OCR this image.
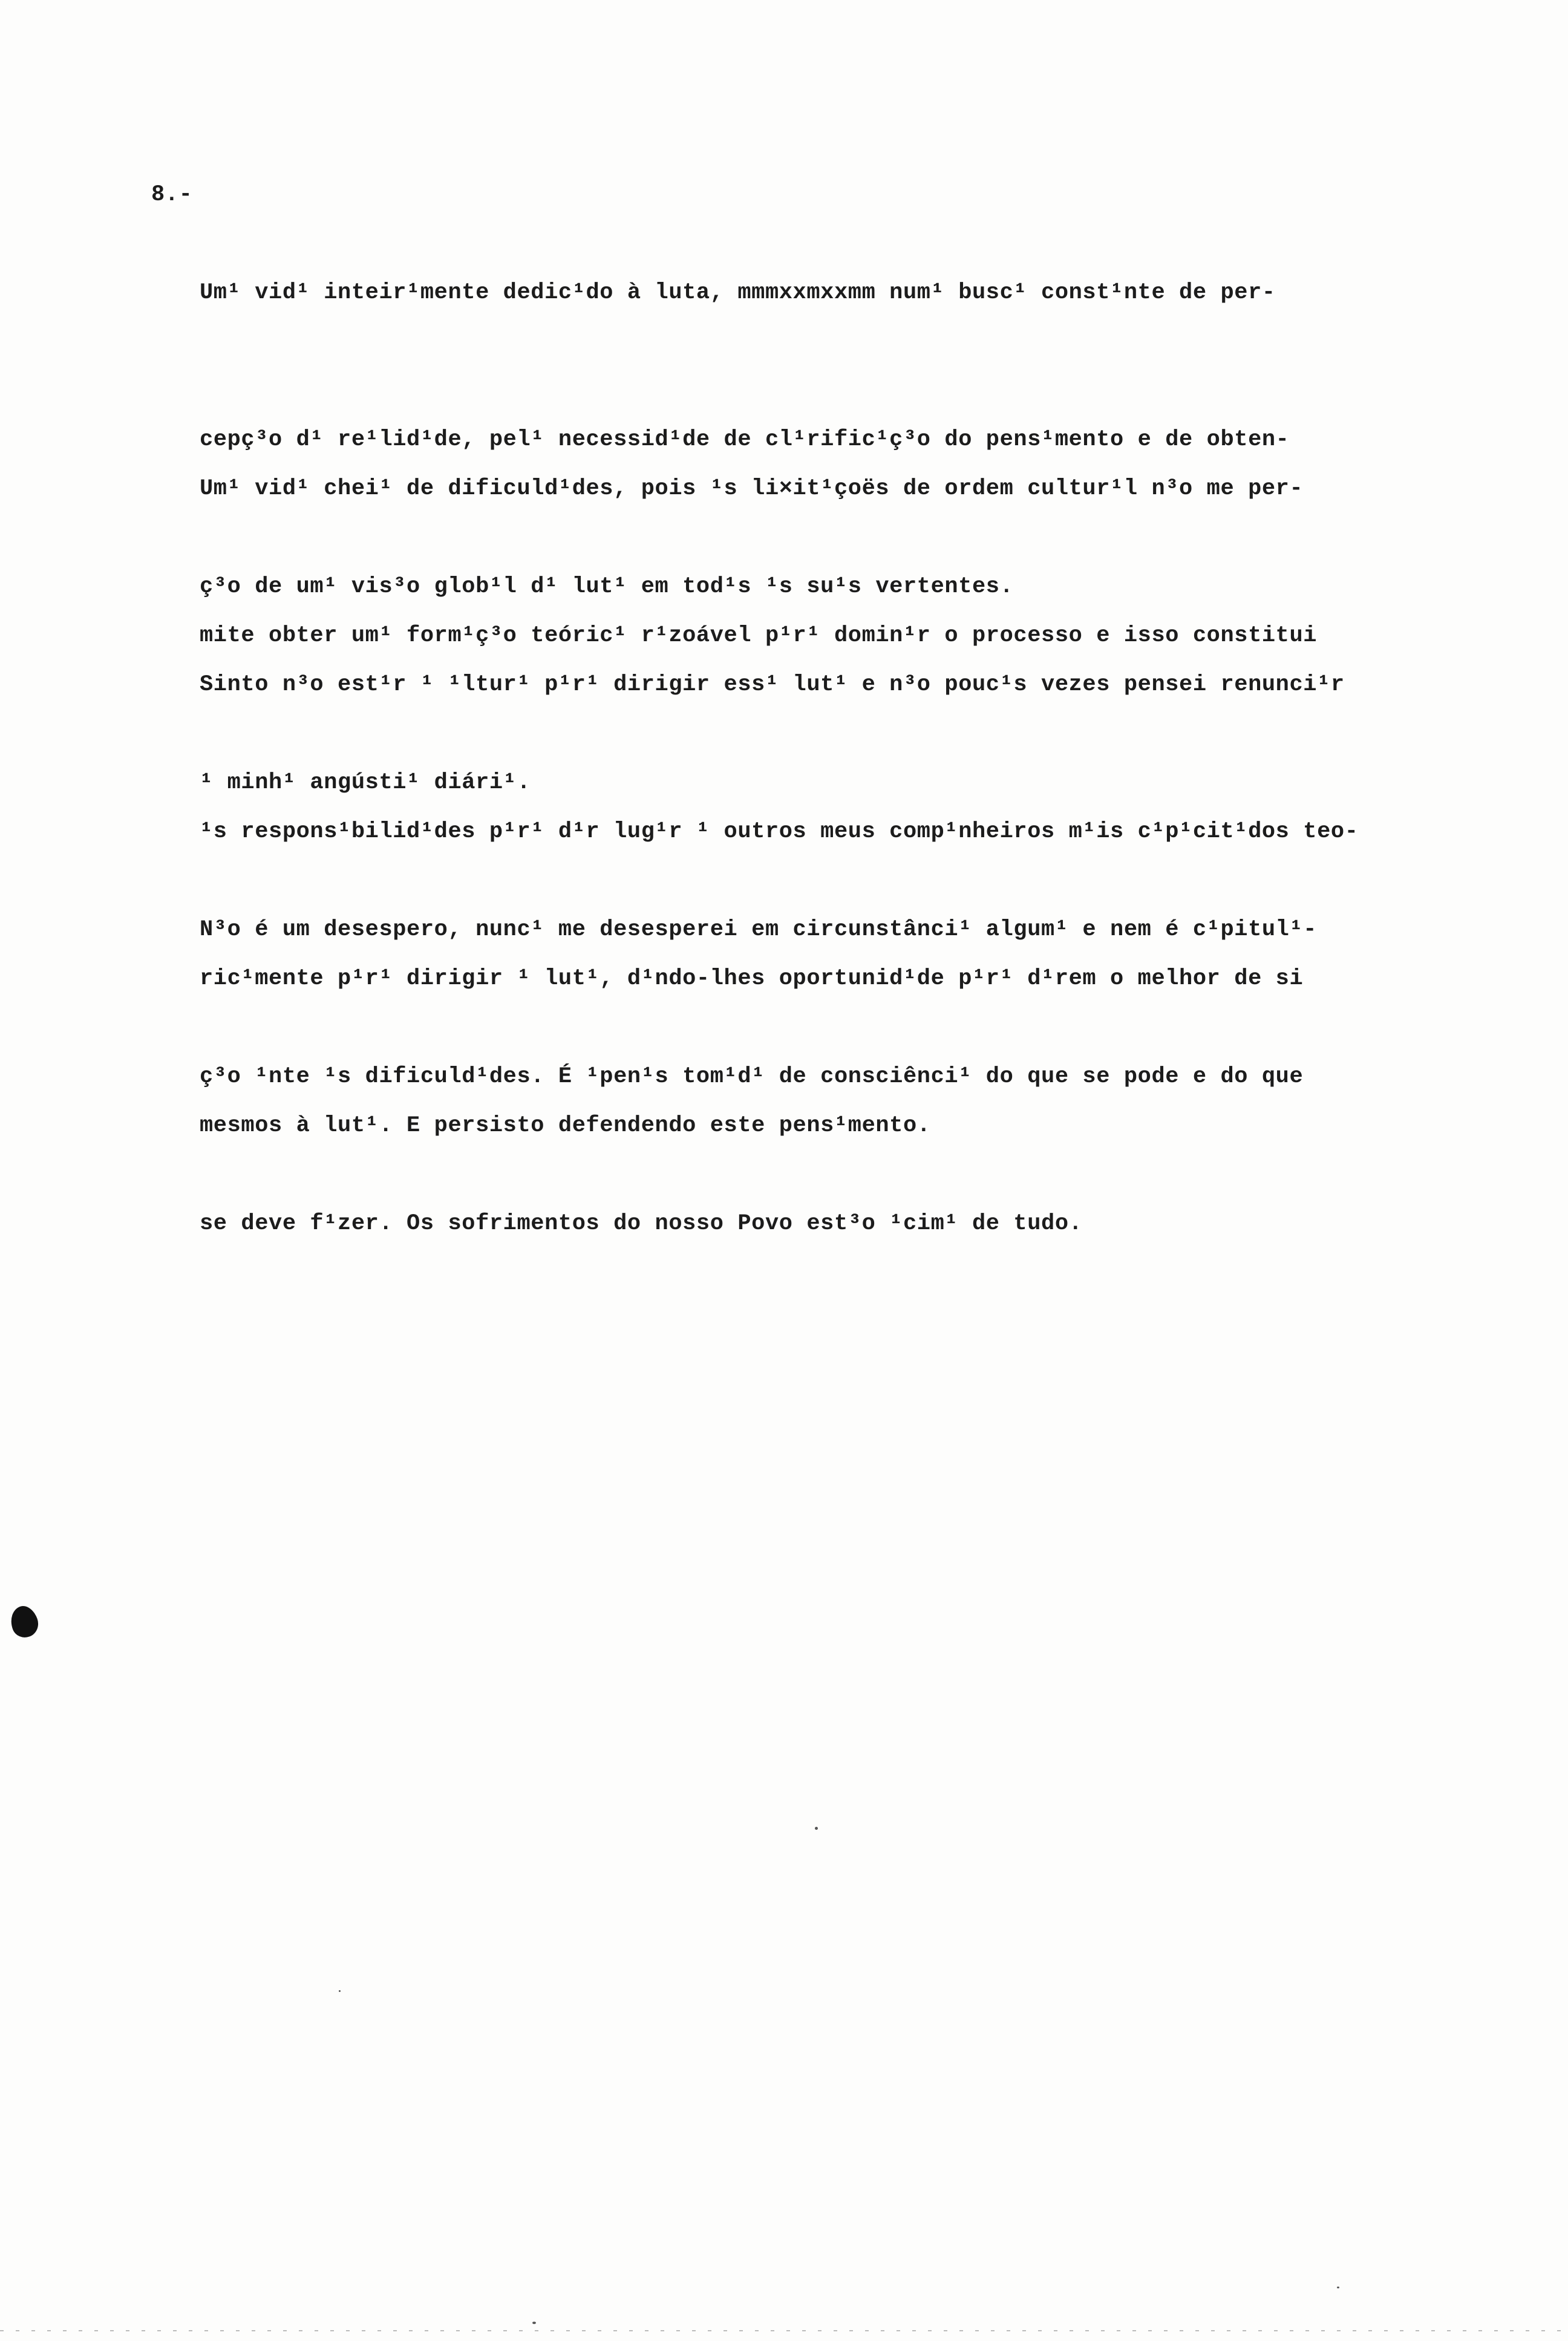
8.-

Um¹ vid¹ inteir¹mente dedic¹do à luta, mmmxxmxxmm num¹ busc¹ const¹nte de per-

cepç³o d¹ re¹lid¹de, pel¹ necessid¹de de cl¹rific¹ç³o do pens¹mento e de obten-

ç³o de um¹ vis³o glob¹l d¹ lut¹ em tod¹s ¹s su¹s vertentes.

Um¹ vid¹ chei¹ de dificuld¹des, pois ¹s li×it¹çoës de ordem cultur¹l n³o me per-

mite obter um¹ form¹ç³o teóric¹ r¹zoável p¹r¹ domin¹r o processo e isso constitui

¹ minh¹ angústi¹ diári¹.

Sinto n³o est¹r ¹ ¹ltur¹ p¹r¹ dirigir ess¹ lut¹ e n³o pouc¹s vezes pensei renunci¹r

¹s respons¹bilid¹des p¹r¹ d¹r lug¹r ¹ outros meus comp¹nheiros m¹is c¹p¹cit¹dos teo-

ric¹mente p¹r¹ dirigir ¹ lut¹, d¹ndo-lhes oportunid¹de p¹r¹ d¹rem o melhor de si

mesmos à lut¹. E persisto defendendo este pens¹mento.

N³o é um desespero, nunc¹ me desesperei em circunstânci¹ algum¹ e nem é c¹pitul¹-

ç³o ¹nte ¹s dificuld¹des. É ¹pen¹s tom¹d¹ de consciênci¹ do que se pode e do que

se deve f¹zer. Os sofrimentos do nosso Povo est³o ¹cim¹ de tudo.
